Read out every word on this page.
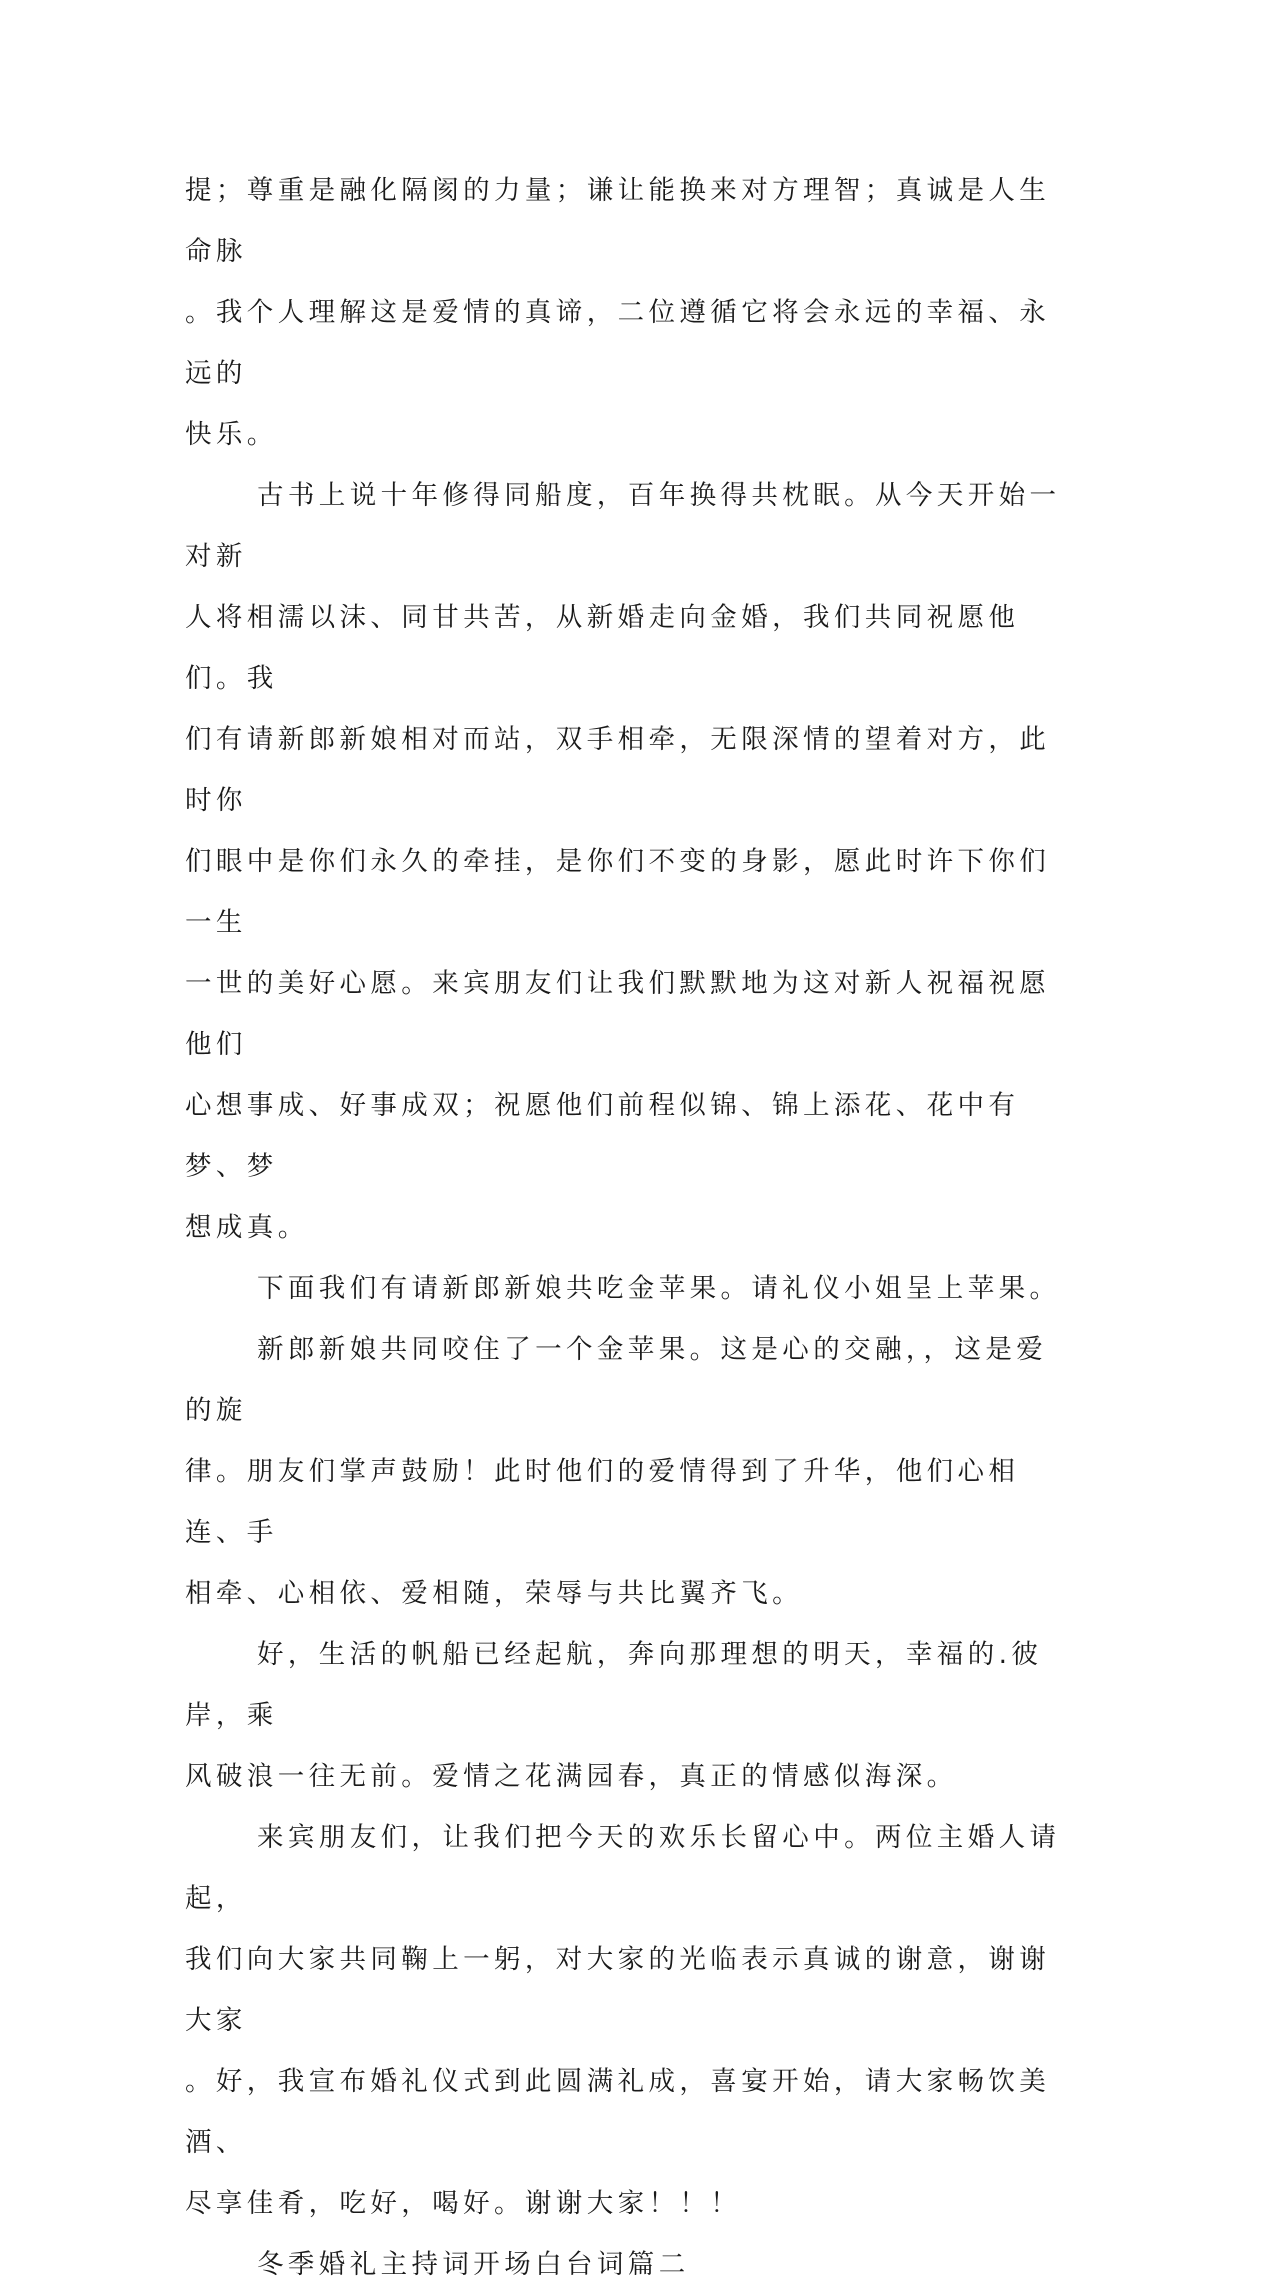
提；尊重是融化隔阂的力量；谦让能换来对方理智；真诚是人生命脉
。我个人理解这是爱情的真谛，二位遵循它将会永远的幸福、永远的
快乐。
古书上说十年修得同船度，百年换得共枕眠。从今天开始一对新
人将相濡以沫、同甘共苦，从新婚走向金婚，我们共同祝愿他们。我
们有请新郎新娘相对而站，双手相牵，无限深情的望着对方，此时你
们眼中是你们永久的牵挂，是你们不变的身影，愿此时许下你们一生
一世的美好心愿。来宾朋友们让我们默默地为这对新人祝福祝愿他们
心想事成、好事成双；祝愿他们前程似锦、锦上添花、花中有梦、梦
想成真。
下面我们有请新郎新娘共吃金苹果。请礼仪小姐呈上苹果。
新郎新娘共同咬住了一个金苹果。这是心的交融，，这是爱的旋
律。朋友们掌声鼓励！此时他们的爱情得到了升华，他们心相连、手
相牵、心相依、爱相随，荣辱与共比翼齐飞。
好，生活的帆船已经起航，奔向那理想的明天，幸福的.彼岸，乘
风破浪一往无前。爱情之花满园春，真正的情感似海深。
来宾朋友们，让我们把今天的欢乐长留心中。两位主婚人请起，
我们向大家共同鞠上一躬，对大家的光临表示真诚的谢意，谢谢大家
。好，我宣布婚礼仪式到此圆满礼成，喜宴开始，请大家畅饮美酒、
尽享佳肴，吃好，喝好。谢谢大家！！！
冬季婚礼主持词开场白台词篇二
